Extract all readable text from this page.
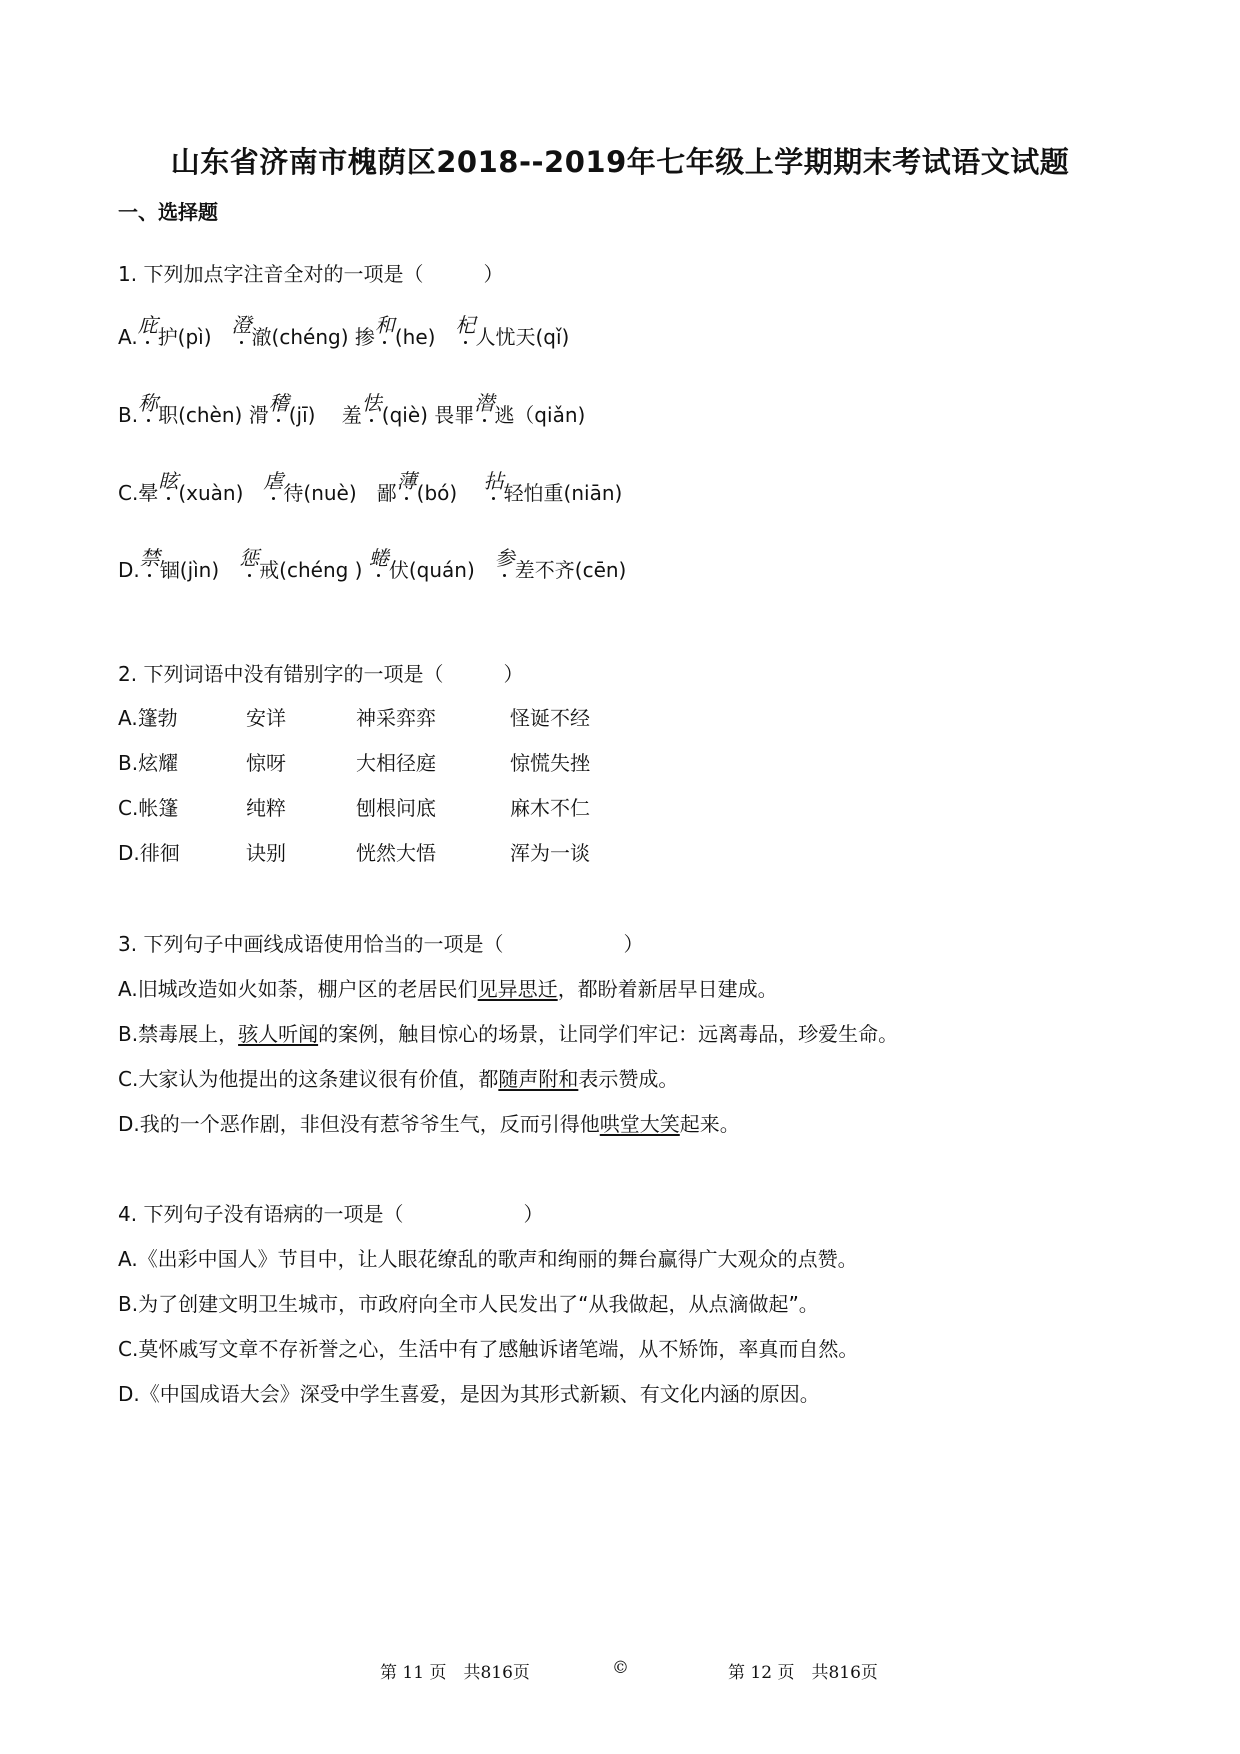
山东省济南市槐荫区2018--2019年七年级上学期期末考试语文试题
一、选择题
1. 下列加点字注音全对的一项是（　　　）
A.庇护(pì)　澄澈(chéng) 掺和(he)　杞人忧天(qǐ)
B.称职(chèn) 滑稽(jī)　 羞怯(qiè) 畏罪潜逃（qiǎn)
C.晕眩(xuàn)　虐待(nuè)　鄙薄(bó)　 拈轻怕重(niān)
D.禁锢(jìn)　惩戒(chéng ) 蜷伏(quán)　参差不齐(cēn)
2. 下列词语中没有错别字的一项是（　　　）
A.篷勃	安详	神采弈弈	怪诞不经
B.炫耀	惊呀	大相径庭	惊慌失挫
C.帐篷	纯粹	刨根问底	麻木不仁
D.徘徊	诀别	恍然大悟	浑为一谈
3. 下列句子中画线成语使用恰当的一项是（　　　　　　）
A.旧城改造如火如荼，棚户区的老居民们见异思迁，都盼着新居早日建成。
B.禁毒展上，骇人听闻的案例，触目惊心的场景，让同学们牢记：远离毒品，珍爱生命。
C.大家认为他提出的这条建议很有价值，都随声附和表示赞成。
D.我的一个恶作剧，非但没有惹爷爷生气，反而引得他哄堂大笑起来。
4. 下列句子没有语病的一项是（　　　　　　）
A.《出彩中国人》节目中，让人眼花缭乱的歌声和绚丽的舞台赢得广大观众的点赞。
B.为了创建文明卫生城市，市政府向全市人民发出了“从我做起，从点滴做起”。
C.莫怀戚写文章不存祈誉之心，生活中有了感触诉诸笔端，从不矫饰，率真而自然。
D.《中国成语大会》深受中学生喜爱，是因为其形式新颖、有文化内涵的原因。
第 11 页　共816页	©	第 12 页　共816页
